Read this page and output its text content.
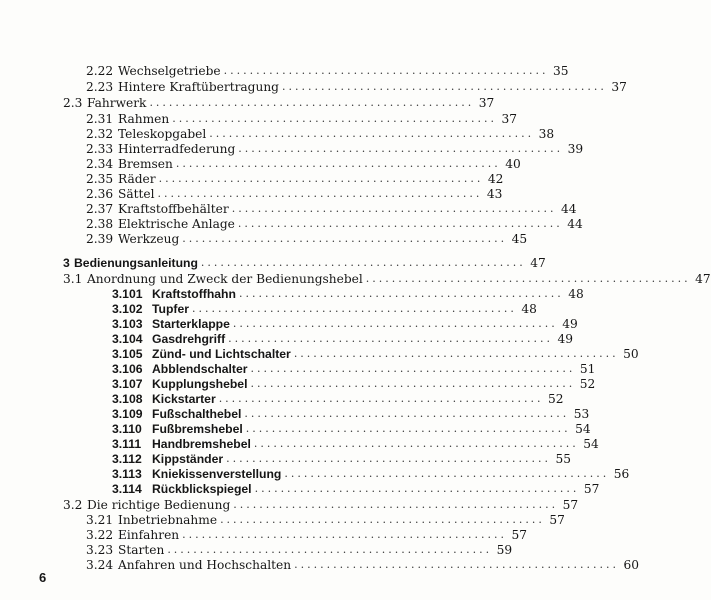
2.22 Wechselgetriebe .................................................. 35
2.23 Hintere Kraftübertragung .................................................. 37
2.3 Fahrwerk .................................................. 37
2.31 Rahmen .................................................. 37
2.32 Teleskopgabel .................................................. 38
2.33 Hinterradfederung .................................................. 39
2.34 Bremsen .................................................. 40
2.35 Räder .................................................. 42
2.36 Sättel .................................................. 43
2.37 Kraftstoffbehälter .................................................. 44
2.38 Elektrische Anlage .................................................. 44
2.39 Werkzeug .................................................. 45
3 Bedienungsanleitung .................................................. 47
3.1 Anordnung und Zweck der Bedienungshebel .................................................. 47
3.101 Kraftstoffhahn .................................................. 48
3.102 Tupfer .................................................. 48
3.103 Starterklappe .................................................. 49
3.104 Gasdrehgriff .................................................. 49
3.105 Zünd- und Lichtschalter .................................................. 50
3.106 Abblendschalter .................................................. 51
3.107 Kupplungshebel .................................................. 52
3.108 Kickstarter .................................................. 52
3.109 Fußschalthebel .................................................. 53
3.110 Fußbremshebel .................................................. 54
3.111 Handbremshebel .................................................. 54
3.112 Kippständer .................................................. 55
3.113 Kniekissenverstellung .................................................. 56
3.114 Rückblickspiegel .................................................. 57
3.2 Die richtige Bedienung .................................................. 57
3.21 Inbetriebnahme .................................................. 57
3.22 Einfahren .................................................. 57
3.23 Starten .................................................. 59
3.24 Anfahren und Hochschalten .................................................. 60
6
